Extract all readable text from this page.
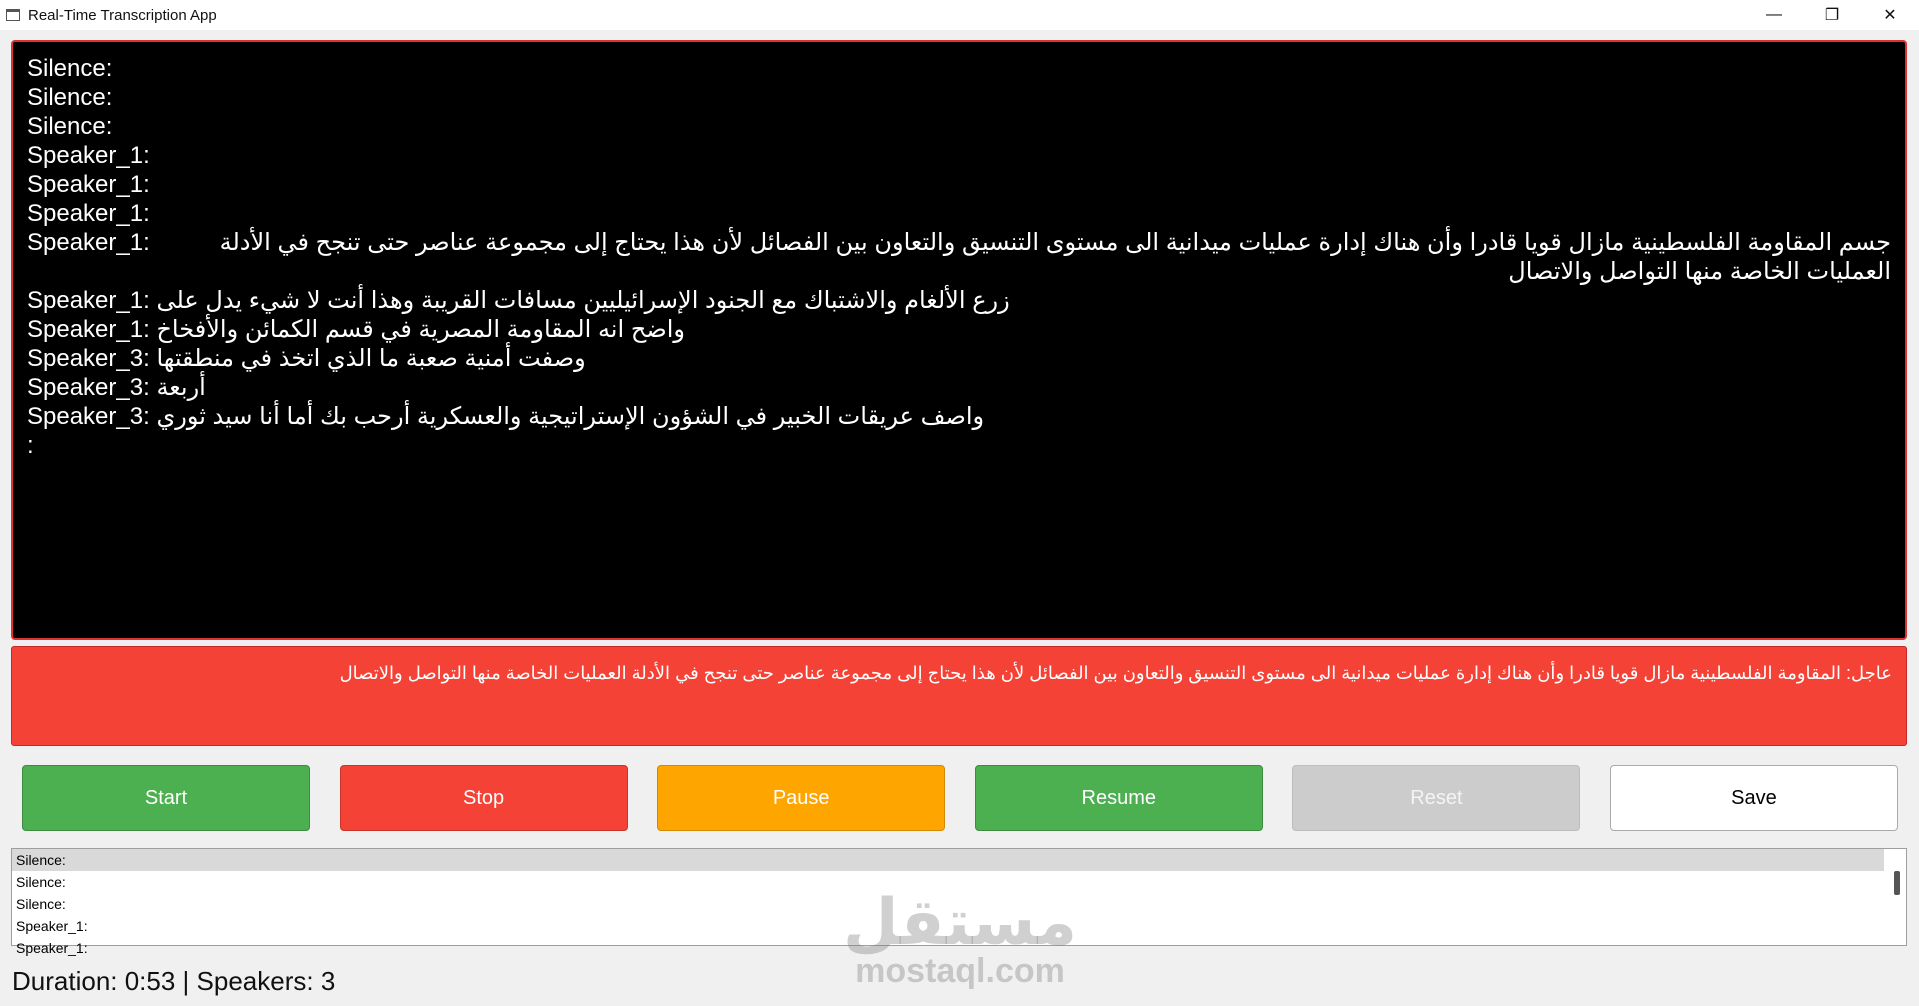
Real-Time Transcription App	—	❐	✕
Silence:
Silence:
Silence:
Speaker_1:
Speaker_1:
Speaker_1:
Speaker_1:	جسم المقاومة الفلسطينية مازال قويا قادرا وأن هناك إدارة عمليات ميدانية الى مستوى التنسيق والتعاون بين الفصائل لأن هذا يحتاج إلى مجموعة عناصر حتى تنجح في الأدلة العمليات الخاصة منها التواصل والاتصال
Speaker_1: زرع الألغام والاشتباك مع الجنود الإسرائيليين مسافات القريبة وهذا أنت لا شيء يدل على
Speaker_1: واضح انه المقاومة المصرية في قسم الكمائن والأفخاخ
Speaker_3: وصفت أمنية صعبة ما الذي اتخذ في منطقتها
Speaker_3: أربعة
Speaker_3: واصف عريقات الخبير في الشؤون الإستراتيجية والعسكرية أرحب بك أما أنا سيد ثوري
:
عاجل: المقاومة الفلسطينية مازال قويا قادرا وأن هناك إدارة عمليات ميدانية الى مستوى التنسيق والتعاون بين الفصائل لأن هذا يحتاج إلى مجموعة عناصر حتى تنجح في الأدلة العمليات الخاصة منها التواصل والاتصال
Start	Stop	Pause	Resume	Reset	Save
Silence:
Silence:
Silence:
Speaker_1:
Speaker_1:
Duration: 0:53 | Speakers: 3
مستقل
mostaql.com
